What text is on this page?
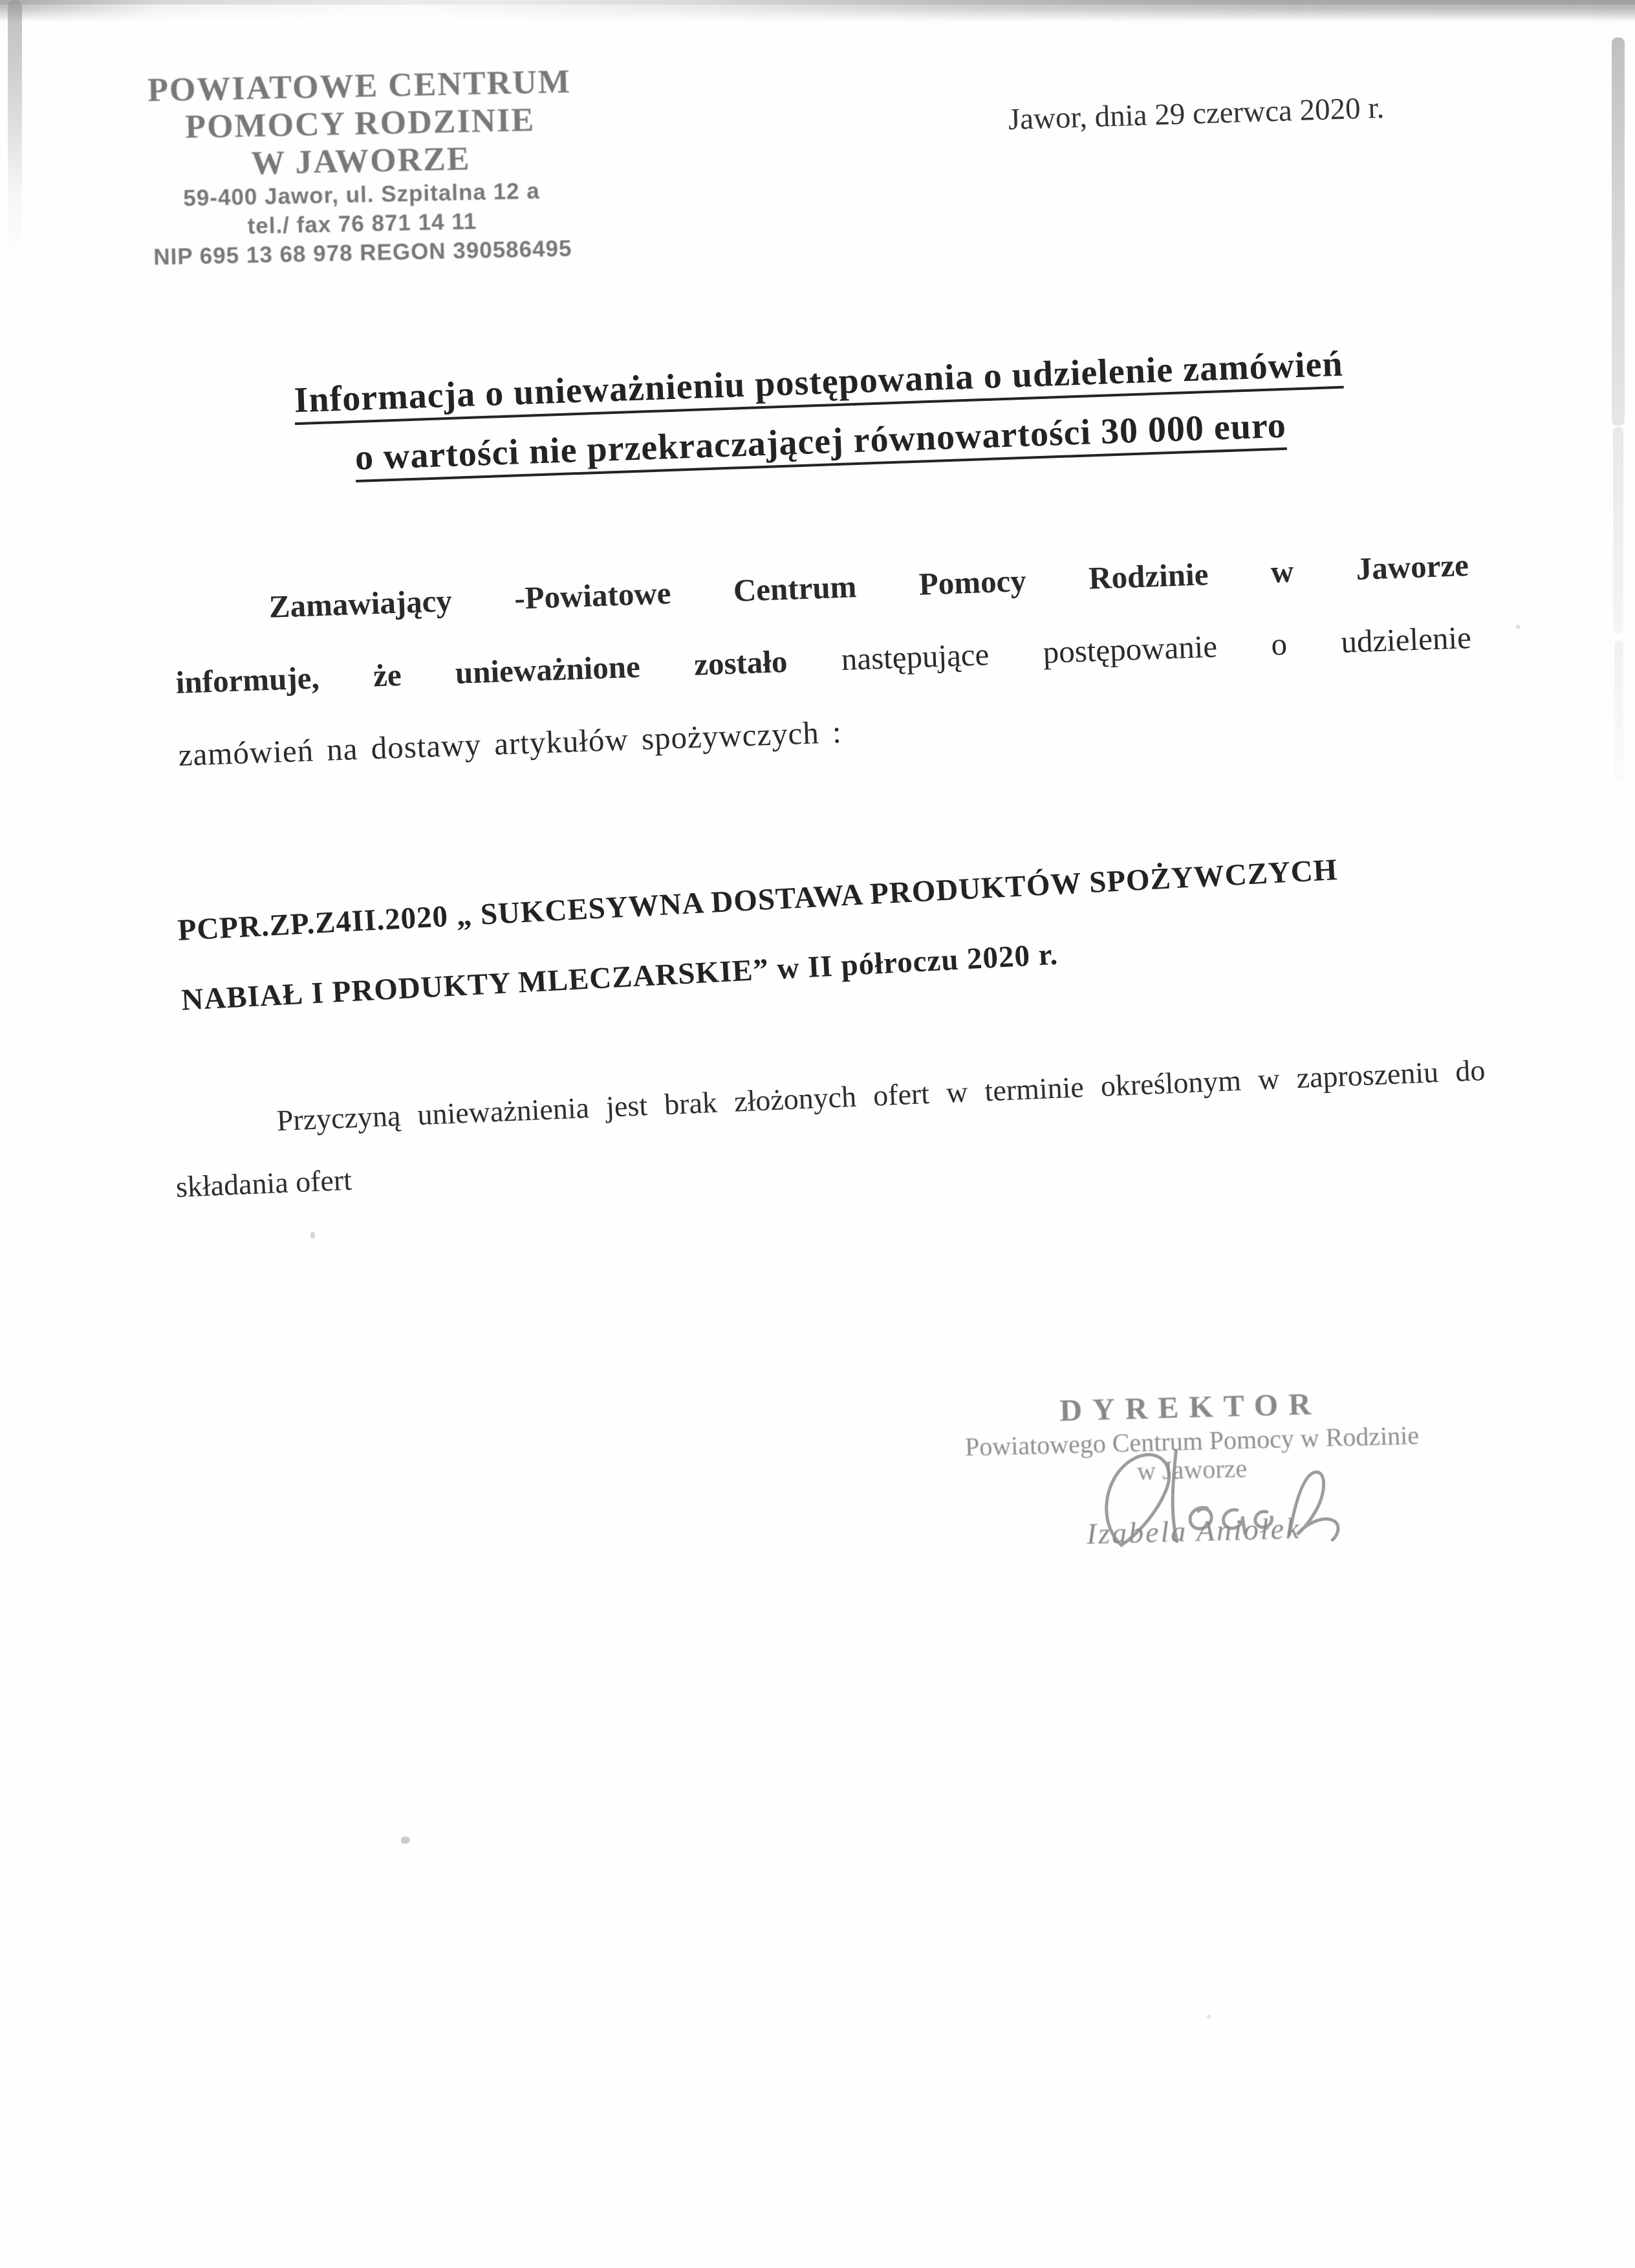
POWIATOWE CENTRUM
POMOCY RODZINIE
W JAWORZE
59-400 Jawor, ul. Szpitalna 12 a
tel./ fax 76 871 14 11
NIP 695 13 68 978 REGON 390586495
Jawor, dnia 29 czerwca 2020 r.
Informacja o unieważnieniu postępowania o udzielenie zamówień
o wartości nie przekraczającej równowartości 30 000 euro
Zamawiający -Powiatowe Centrum Pomocy Rodzinie w Jaworze
informuje, że unieważnione zostało następujące postępowanie o udzielenie
zamówień na dostawy artykułów spożywczych :
PCPR.ZP.Z4II.2020 „ SUKCESYWNA DOSTAWA PRODUKTÓW SPOŻYWCZYCH
NABIAŁ I PRODUKTY MLECZARSKIE” w II półroczu 2020 r.
Przyczyną unieważnienia jest brak złożonych ofert w terminie określonym w zaproszeniu do
składania ofert
DYREKTOR
Powiatowego Centrum Pomocy w Rodzinie
w Jaworze
Izabela Aniołek
